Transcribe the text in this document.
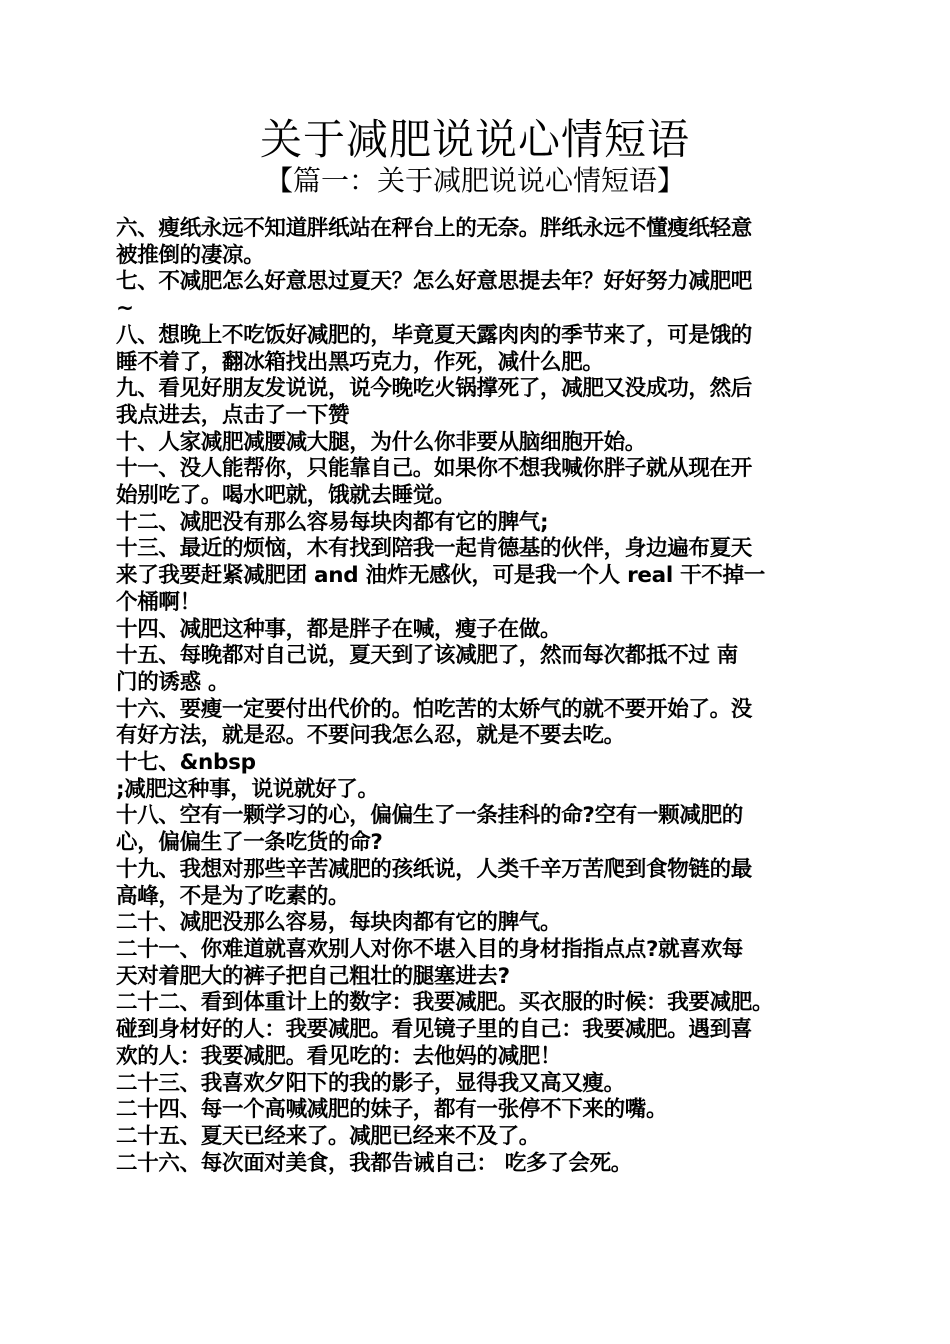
关于减肥说说心情短语
【篇一：关于减肥说说心情短语】
六、瘦纸永远不知道胖纸站在秤台上的无奈。胖纸永远不懂瘦纸轻意
被推倒的凄凉。
七、不减肥怎么好意思过夏天？怎么好意思提去年？好好努力减肥吧
~
八、想晚上不吃饭好减肥的，毕竟夏天露肉肉的季节来了，可是饿的
睡不着了，翻冰箱找出黑巧克力，作死，减什么肥。
九、看见好朋友发说说，说今晚吃火锅撑死了，减肥又没成功，然后
我点进去，点击了一下赞
十、人家减肥减腰减大腿，为什么你非要从脑细胞开始。
十一、没人能帮你，只能靠自己。如果你不想我喊你胖子就从现在开
始别吃了。喝水吧就，饿就去睡觉。
十二、减肥没有那么容易每块肉都有它的脾气;
十三、最近的烦恼，木有找到陪我一起肯德基的伙伴，身边遍布夏天
来了我要赶紧减肥团 and 油炸无感伙，可是我一个人 real 干不掉一
个桶啊！
十四、减肥这种事，都是胖子在喊，瘦子在做。
十五、每晚都对自己说，夏天到了该减肥了，然而每次都抵不过 南
门的诱惑 。
十六、要瘦一定要付出代价的。怕吃苦的太娇气的就不要开始了。没
有好方法，就是忍。不要问我怎么忍，就是不要去吃。
十七、&nbsp
;减肥这种事，说说就好了。
十八、空有一颗学习的心，偏偏生了一条挂科的命?空有一颗减肥的
心，偏偏生了一条吃货的命?
十九、我想对那些辛苦减肥的孩纸说，人类千辛万苦爬到食物链的最
高峰，不是为了吃素的。
二十、减肥没那么容易，每块肉都有它的脾气。
二十一、你难道就喜欢别人对你不堪入目的身材指指点点?就喜欢每
天对着肥大的裤子把自己粗壮的腿塞进去?
二十二、看到体重计上的数字：我要减肥。买衣服的时候：我要减肥。
碰到身材好的人：我要减肥。看见镜子里的自己：我要减肥。遇到喜
欢的人：我要减肥。看见吃的：去他妈的减肥！
二十三、我喜欢夕阳下的我的影子，显得我又高又瘦。
二十四、每一个高喊减肥的妹子，都有一张停不下来的嘴。
二十五、夏天已经来了。减肥已经来不及了。
二十六、每次面对美食，我都告诫自己： 吃多了会死。
